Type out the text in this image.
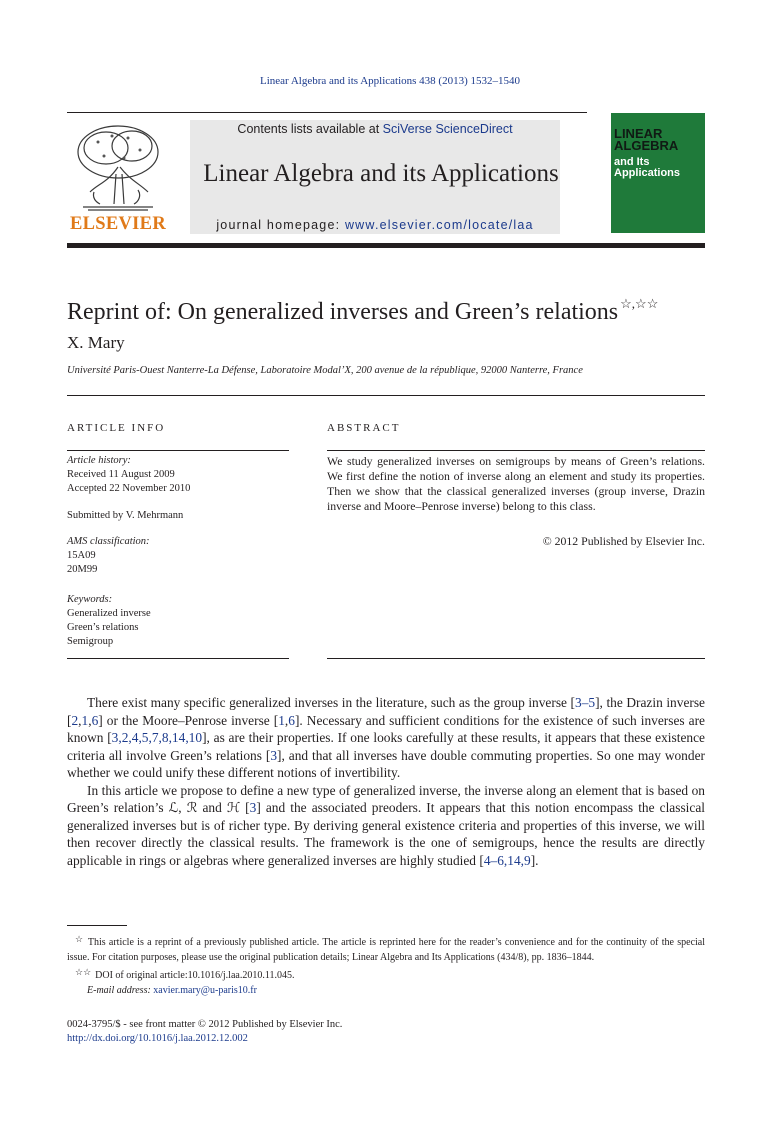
Linear Algebra and its Applications 438 (2013) 1532–1540
ELSEVIER
Contents lists available at SciVerse ScienceDirect
Linear Algebra and its Applications
journal homepage: www.elsevier.com/locate/laa
LINEAR
ALGEBRA
and Its
Applications
Reprint of: On generalized inverses and Green’s relations ☆,☆☆
X. Mary
Université Paris-Ouest Nanterre-La Défense, Laboratoire Modal’X, 200 avenue de la république, 92000 Nanterre, France
ARTICLE INFO	ABSTRACT
Article history:
Received 11 August 2009
Accepted 22 November 2010
Submitted by V. Mehrmann
AMS classification:
15A09
20M99
Keywords:
Generalized inverse
Green’s relations
Semigroup
We study generalized inverses on semigroups by means of Green’s relations. We first define the notion of inverse along an element and study its properties. Then we show that the classical generalized inverses (group inverse, Drazin inverse and Moore–Penrose inverse) belong to this class.
© 2012 Published by Elsevier Inc.

There exist many specific generalized inverses in the literature, such as the group inverse [3–5], the Drazin inverse [2,1,6] or the Moore–Penrose inverse [1,6]. Necessary and sufficient conditions for the existence of such inverses are known [3,2,4,5,7,8,14,10], as are their properties. If one looks carefully at these results, it appears that these existence criteria all involve Green’s relations [3], and that all inverses have double commuting properties. So one may wonder whether we could unify these different notions of invertibility.

In this article we propose to define a new type of generalized inverse, the inverse along an element that is based on Green’s relation’s ℒ, ℛ and ℋ [3] and the associated preoders. It appears that this notion encompass the classical generalized inverses but is of richer type. By deriving general existence criteria and properties of this inverse, we will then recover directly the classical results. The framework is the one of semigroups, hence the results are directly applicable in rings or algebras where generalized inverses are highly studied [4–6,14,9].

☆ This article is a reprint of a previously published article. The article is reprinted here for the reader’s convenience and for the continuity of the special issue. For citation purposes, please use the original publication details; Linear Algebra and Its Applications (434/8), pp. 1836–1844.

☆☆ DOI of original article:10.1016/j.laa.2010.11.045.

E-mail address: xavier.mary@u-paris10.fr

0024-3795/$ - see front matter © 2012 Published by Elsevier Inc.
http://dx.doi.org/10.1016/j.laa.2012.12.002
